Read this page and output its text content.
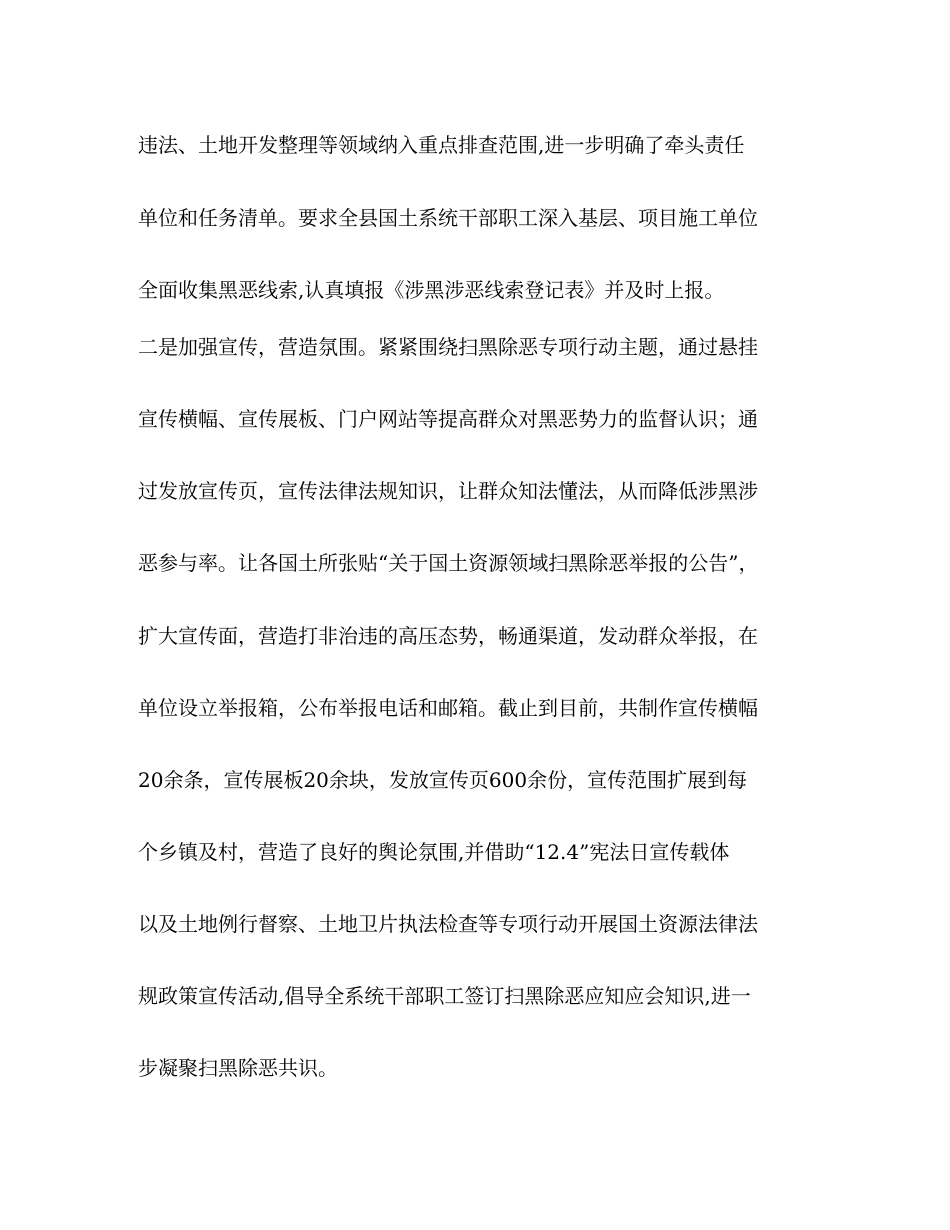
违法、土地开发整理等领域纳入重点排查范围,进一步明确了牵头责任
单位和任务清单。要求全县国土系统干部职工深入基层、项目施工单位
全面收集黑恶线索,认真填报《涉黑涉恶线索登记表》并及时上报。
二是加强宣传，营造氛围。紧紧围绕扫黑除恶专项行动主题，通过悬挂
宣传横幅、宣传展板、门户网站等提高群众对黑恶势力的监督认识；通
过发放宣传页，宣传法律法规知识，让群众知法懂法，从而降低涉黑涉
恶参与率。让各国土所张贴“关于国土资源领域扫黑除恶举报的公告”，
扩大宣传面，营造打非治违的高压态势，畅通渠道，发动群众举报，在
单位设立举报箱，公布举报电话和邮箱。截止到目前，共制作宣传横幅
20余条，宣传展板20余块，发放宣传页600余份，宣传范围扩展到每
个乡镇及村，营造了良好的舆论氛围,并借助“12.4”宪法日宣传载体
以及土地例行督察、土地卫片执法检查等专项行动开展国土资源法律法
规政策宣传活动,倡导全系统干部职工签订扫黑除恶应知应会知识,进一
步凝聚扫黑除恶共识。
